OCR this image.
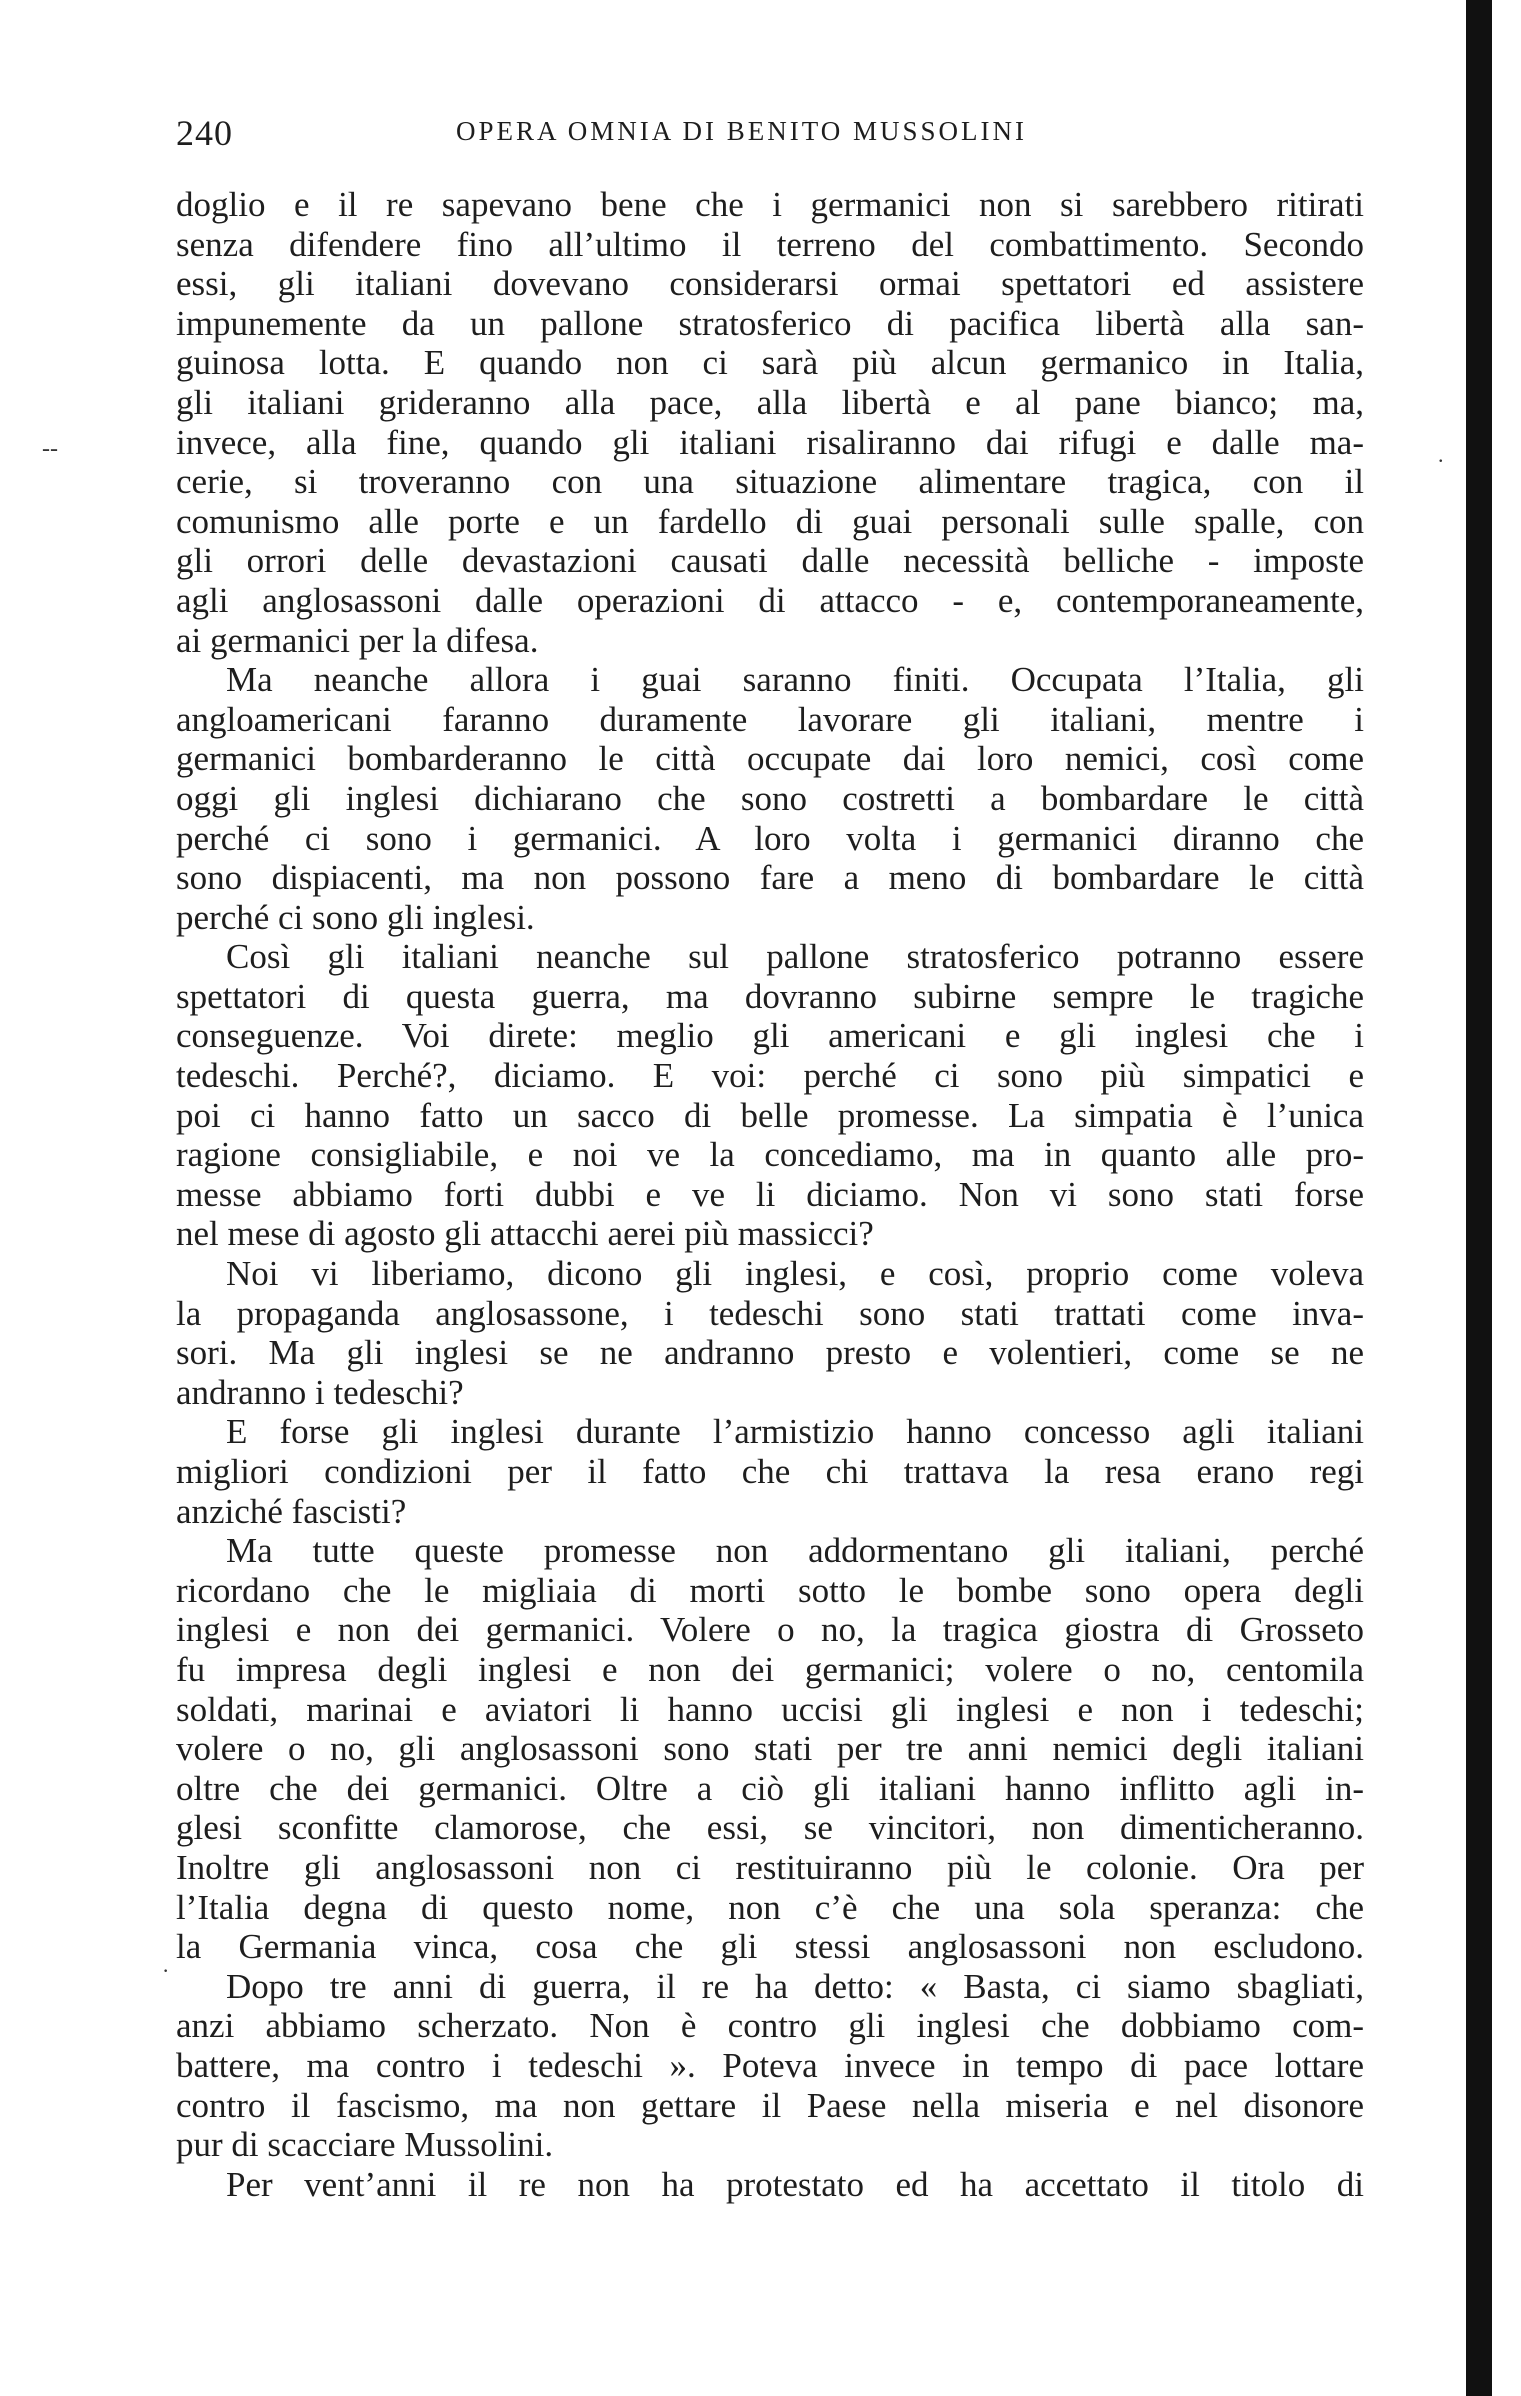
240	OPERA OMNIA DI BENITO MUSSOLINI
--	.
·
doglio e il re sapevano bene che i germanici non si sarebbero ritirati
senza difendere fino all’ultimo il terreno del combattimento. Secondo
essi, gli italiani dovevano considerarsi ormai spettatori ed assistere
impunemente da un pallone stratosferico di pacifica libertà alla san-
guinosa lotta. E quando non ci sarà più alcun germanico in Italia,
gli italiani grideranno alla pace, alla libertà e al pane bianco; ma,
invece, alla fine, quando gli italiani risaliranno dai rifugi e dalle ma-
cerie, si troveranno con una situazione alimentare tragica, con il
comunismo alle porte e un fardello di guai personali sulle spalle, con
gli orrori delle devastazioni causati dalle necessità belliche - imposte
agli anglosassoni dalle operazioni di attacco - e, contemporaneamente,
ai germanici per la difesa.
Ma neanche allora i guai saranno finiti. Occupata l’Italia, gli
angloamericani faranno duramente lavorare gli italiani, mentre i
germanici bombarderanno le città occupate dai loro nemici, così come
oggi gli inglesi dichiarano che sono costretti a bombardare le città
perché ci sono i germanici. A loro volta i germanici diranno che
sono dispiacenti, ma non possono fare a meno di bombardare le città
perché ci sono gli inglesi.
Così gli italiani neanche sul pallone stratosferico potranno essere
spettatori di questa guerra, ma dovranno subirne sempre le tragiche
conseguenze. Voi direte: meglio gli americani e gli inglesi che i
tedeschi. Perché?, diciamo. E voi: perché ci sono più simpatici e
poi ci hanno fatto un sacco di belle promesse. La simpatia è l’unica
ragione consigliabile, e noi ve la concediamo, ma in quanto alle pro-
messe abbiamo forti dubbi e ve li diciamo. Non vi sono stati forse
nel mese di agosto gli attacchi aerei più massicci?
Noi vi liberiamo, dicono gli inglesi, e così, proprio come voleva
la propaganda anglosassone, i tedeschi sono stati trattati come inva-
sori. Ma gli inglesi se ne andranno presto e volentieri, come se ne
andranno i tedeschi?
E forse gli inglesi durante l’armistizio hanno concesso agli italiani
migliori condizioni per il fatto che chi trattava la resa erano regi
anziché fascisti?
Ma tutte queste promesse non addormentano gli italiani, perché
ricordano che le migliaia di morti sotto le bombe sono opera degli
inglesi e non dei germanici. Volere o no, la tragica giostra di Grosseto
fu impresa degli inglesi e non dei germanici; volere o no, centomila
soldati, marinai e aviatori li hanno uccisi gli inglesi e non i tedeschi;
volere o no, gli anglosassoni sono stati per tre anni nemici degli italiani
oltre che dei germanici. Oltre a ciò gli italiani hanno inflitto agli in-
glesi sconfitte clamorose, che essi, se vincitori, non dimenticheranno.
Inoltre gli anglosassoni non ci restituiranno più le colonie. Ora per
l’Italia degna di questo nome, non c’è che una sola speranza: che
la Germania vinca, cosa che gli stessi anglosassoni non escludono.
Dopo tre anni di guerra, il re ha detto: « Basta, ci siamo sbagliati,
anzi abbiamo scherzato. Non è contro gli inglesi che dobbiamo com-
battere, ma contro i tedeschi ». Poteva invece in tempo di pace lottare
contro il fascismo, ma non gettare il Paese nella miseria e nel disonore
pur di scacciare Mussolini.
Per vent’anni il re non ha protestato ed ha accettato il titolo di
